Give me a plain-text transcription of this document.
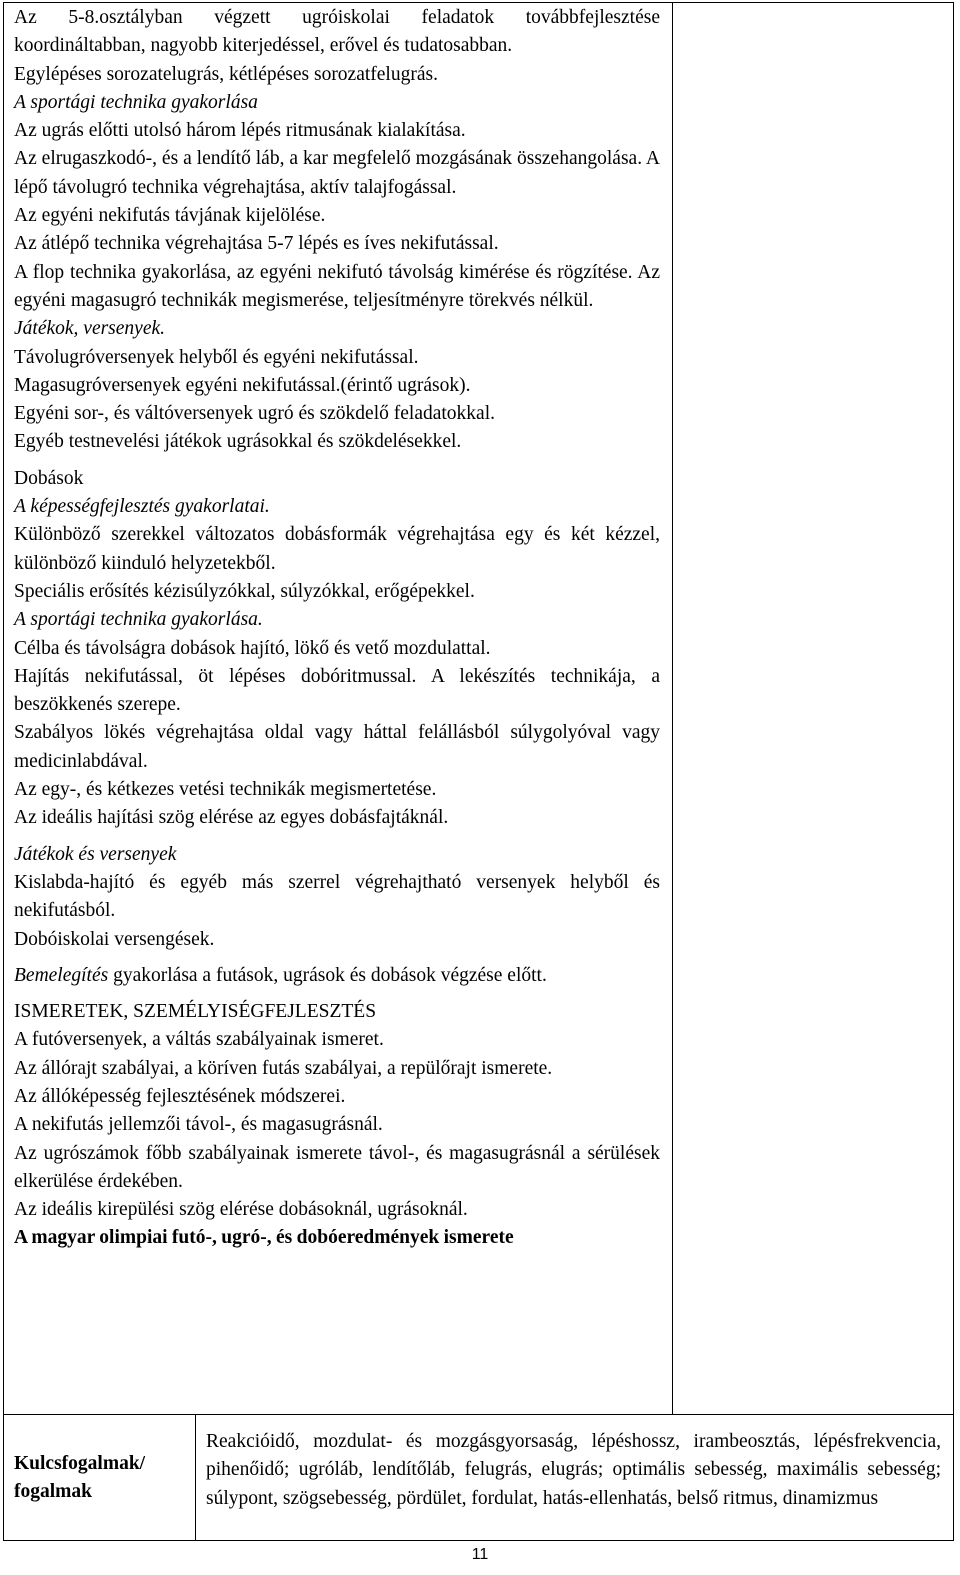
Az 5-8.osztályban végzett ugróiskolai feladatok továbbfejlesztése koordináltabban, nagyobb kiterjedéssel, erővel és tudatosabban.

Egylépéses sorozatelugrás, kétlépéses sorozatfelugrás.

A sportági technika gyakorlása

Az ugrás előtti utolsó három lépés ritmusának kialakítása.

Az elrugaszkodó-, és a lendítő láb, a kar megfelelő mozgásának összehangolása. A lépő távolugró technika végrehajtása, aktív talajfogással.

Az egyéni nekifutás távjának kijelölése.

Az átlépő technika végrehajtása 5-7 lépés es íves nekifutással.

A flop technika gyakorlása, az egyéni nekifutó távolság kimérése és rögzítése. Az egyéni magasugró technikák megismerése, teljesítményre törekvés nélkül.

Játékok, versenyek.

Távolugróversenyek helyből és egyéni nekifutással.

Magasugróversenyek egyéni nekifutással.(érintő ugrások).

Egyéni sor-, és váltóversenyek ugró és szökdelő feladatokkal.

Egyéb testnevelési játékok ugrásokkal és szökdelésekkel.

Dobások

A képességfejlesztés gyakorlatai.

Különböző szerekkel változatos dobásformák végrehajtása egy és két kézzel, különböző kiinduló helyzetekből.

Speciális erősítés kézisúlyzókkal, súlyzókkal, erőgépekkel.

A sportági technika gyakorlása.

Célba és távolságra dobások hajító, lökő és vető mozdulattal.

Hajítás nekifutással, öt lépéses dobóritmussal. A lekészítés technikája, a beszökkenés szerepe.

Szabályos lökés végrehajtása oldal vagy háttal felállásból súlygolyóval vagy medicinlabdával.

Az egy-, és kétkezes vetési technikák megismertetése.

Az ideális hajítási szög elérése az egyes dobásfajtáknál.

Játékok és versenyek

Kislabda-hajító és egyéb más szerrel végrehajtható versenyek helyből és nekifutásból.

Dobóiskolai versengések.

Bemelegítés gyakorlása a futások, ugrások és dobások végzése előtt.

ISMERETEK, SZEMÉLYISÉGFEJLESZTÉS

A futóversenyek, a váltás szabályainak ismeret.

Az állórajt szabályai, a köríven futás szabályai, a repülőrajt ismerete.

Az állóképesség fejlesztésének módszerei.

A nekifutás jellemzői távol-, és magasugrásnál.

Az ugrószámok főbb szabályainak ismerete távol-, és magasugrásnál a sérülések elkerülése érdekében.

Az ideális kirepülési szög elérése dobásoknál, ugrásoknál.

A magyar olimpiai futó-, ugró-, és dobóeredmények ismerete

Kulcsfogalmak/ fogalmak
Reakcióidő, mozdulat- és mozgásgyorsaság, lépéshossz, irambeosztás, lépésfrekvencia, pihenőidő; ugróláb, lendítőláb, felugrás, elugrás; optimális sebesség, maximális sebesség; súlypont, szögsebesség, pördület, fordulat, hatás-ellenhatás, belső ritmus, dinamizmus
11
